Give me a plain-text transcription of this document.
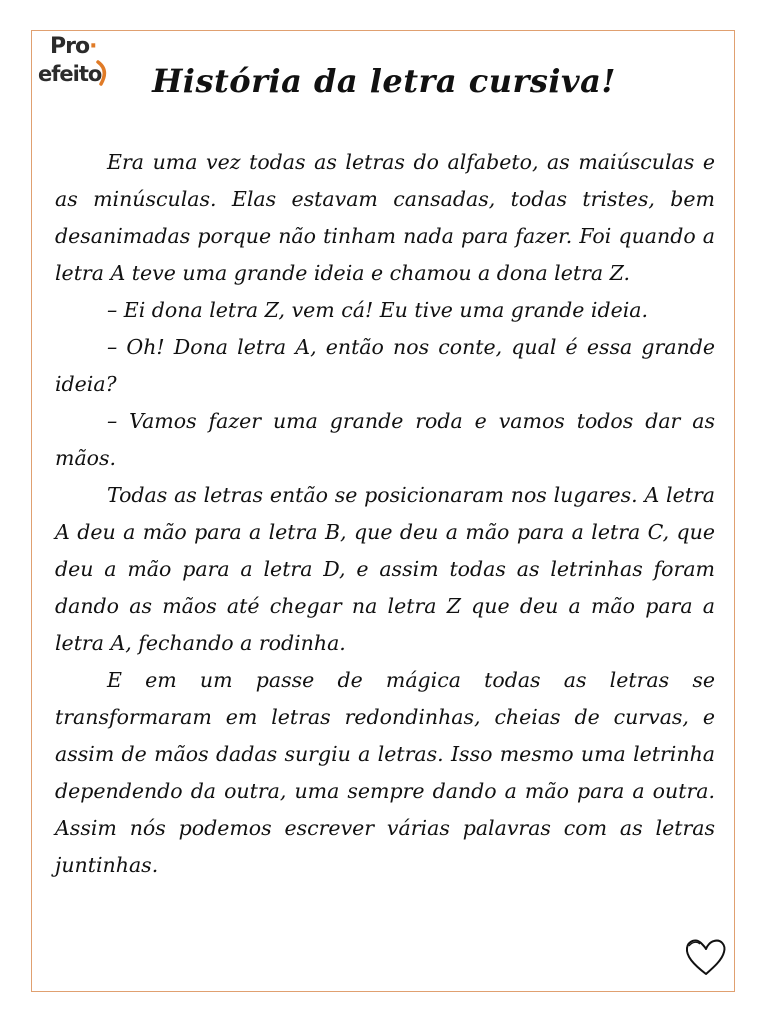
Pro·
efeito	História da letra cursiva!

Era uma vez todas as letras do alfabeto, as maiúsculas e as minúsculas. Elas estavam cansadas, todas tristes, bem desanimadas porque não tinham nada para fazer. Foi quando a letra A teve uma grande ideia e chamou a dona letra Z.

– Ei dona letra Z, vem cá! Eu tive uma grande ideia.

– Oh! Dona letra A, então nos conte, qual é essa grande ideia?

– Vamos fazer uma grande roda e vamos todos dar as mãos.

Todas as letras então se posicionaram nos lugares. A letra A deu a mão para a letra B, que deu a mão para a letra C, que deu a mão para a letra D, e assim todas as letrinhas foram dando as mãos até chegar na letra Z que deu a mão para a letra A, fechando a rodinha.

E em um passe de mágica todas as letras se transformaram em letras redondinhas, cheias de curvas, e assim de mãos dadas surgiu a letras. Isso mesmo uma letrinha dependendo da outra, uma sempre dando a mão para a outra. Assim nós podemos escrever várias palavras com as letras juntinhas.
